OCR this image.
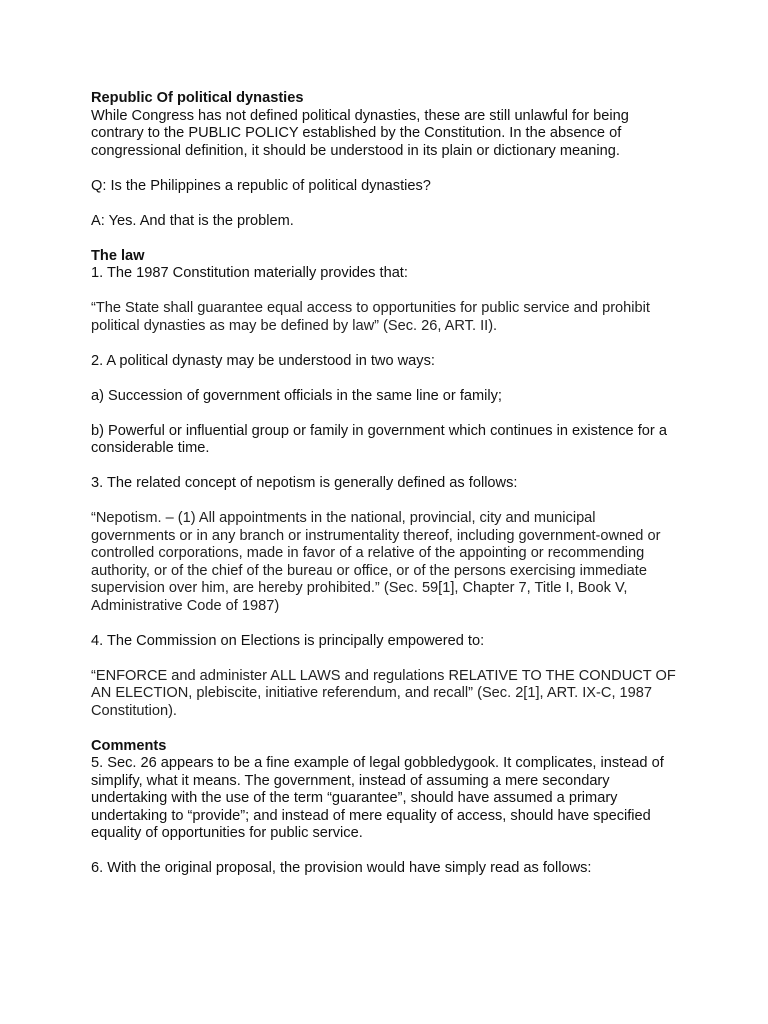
Republic Of political dynasties
While Congress has not defined political dynasties, these are still unlawful for being contrary to the PUBLIC POLICY established by the Constitution. In the absence of congressional definition, it should be understood in its plain or dictionary meaning.

Q: Is the Philippines a republic of political dynasties?

A: Yes. And that is the problem.

The law
1. The 1987 Constitution materially provides that:

“The State shall guarantee equal access to opportunities for public service and prohibit political dynasties as may be defined by law” (Sec. 26, ART. II).

2. A political dynasty may be understood in two ways:

a) Succession of government officials in the same line or family;

b) Powerful or influential group or family in government which continues in existence for a considerable time.

3. The related concept of nepotism is generally defined as follows:

“Nepotism. – (1) All appointments in the national, provincial, city and municipal governments or in any branch or instrumentality thereof, including government-owned or controlled corporations, made in favor of a relative of the appointing or recommending authority, or of the chief of the bureau or office, or of the persons exercising immediate supervision over him, are hereby prohibited.” (Sec. 59[1], Chapter 7, Title I, Book V, Administrative Code of 1987)

4. The Commission on Elections is principally empowered to:

“ENFORCE and administer ALL LAWS and regulations RELATIVE TO THE CONDUCT OF AN ELECTION, plebiscite, initiative referendum, and recall” (Sec. 2[1], ART. IX-C, 1987 Constitution).

Comments
5. Sec. 26 appears to be a fine example of legal gobbledygook. It complicates, instead of simplify, what it means. The government, instead of assuming a mere secondary undertaking with the use of the term “guarantee”, should have assumed a primary undertaking to “provide”; and instead of mere equality of access, should have specified equality of opportunities for public service.

6. With the original proposal, the provision would have simply read as follows:
